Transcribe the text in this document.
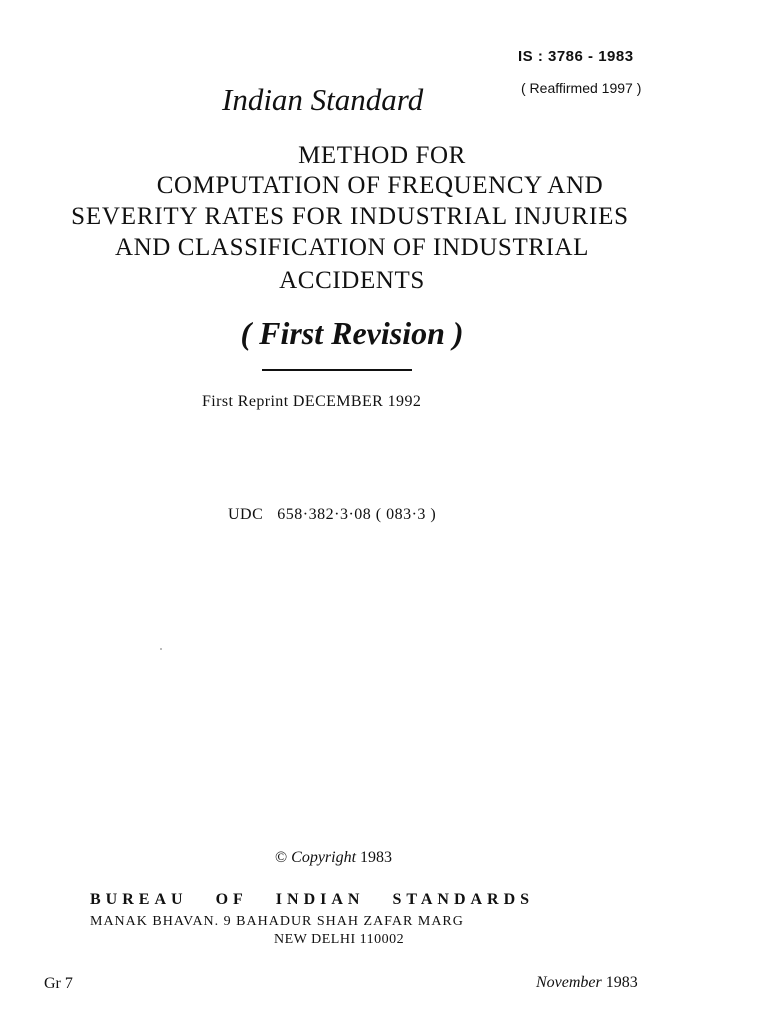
IS : 3786 - 1983
( Reaffirmed 1997 )
Indian Standard
METHOD FOR
COMPUTATION OF FREQUENCY AND
SEVERITY RATES FOR INDUSTRIAL INJURIES
AND CLASSIFICATION OF INDUSTRIAL
ACCIDENTS
( First Revision )
First Reprint DECEMBER 1992
UDC 658·382·3·08 ( 083·3 )
© Copyright 1983
BUREAU OF INDIAN STANDARDS
MANAK BHAVAN. 9 BAHADUR SHAH ZAFAR MARG
NEW DELHI 110002
Gr 7	November 1983
